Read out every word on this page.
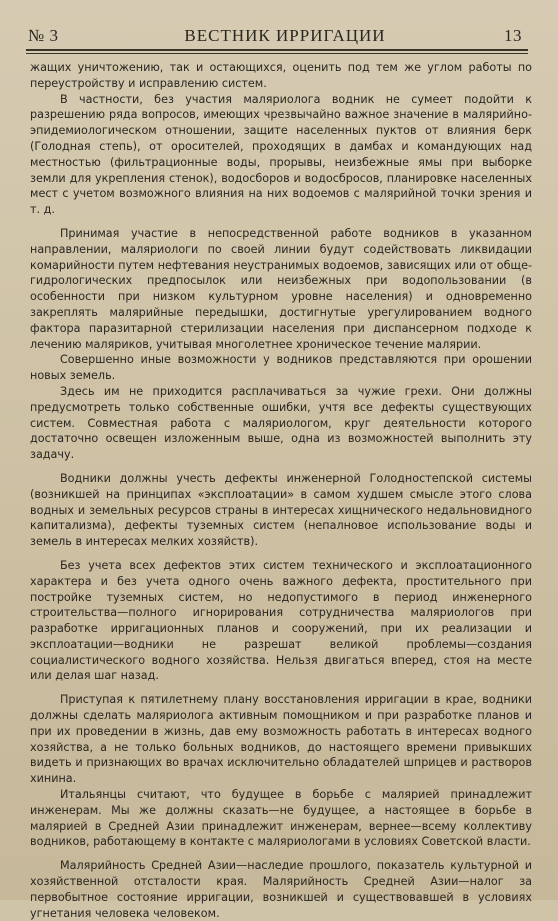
№ 3	ВЕСТНИК ИРРИГАЦИИ	13

жащих уничтожению, так и остающихся, оценить под тем же углом работы по переустройству и исправлению систем.

В частности, без участия маляриолога водник не сумеет подойти к разрешению ряда вопросов, имеющих чрезвычайно важное значение в малярийно-эпидемиологическом отношении, защите населенных пуктов от влияния берк (Голодная степь), от оросителей, проходящих в дамбах и командующих над местностью (фильтрационные воды, прорывы, неизбежные ямы при выборке земли для укрепления стенок), водосборов и водосбросов, планировке населенных мест с учетом возможного влияния на них водоемов с малярийной точки зрения и т. д.

Принимая участие в непосредственной работе водников в указанном направлении, маляриологи по своей линии будут содействовать ликвидации комарийности путем нефтевания неустранимых водоемов, зависящих или от обще-гидрологических предпосылок или неизбежных при водопользовании (в особенности при низком культурном уровне населения) и одновременно закреплять малярийные передышки, достигнутые урегулированием водного фактора паразитарной стерилизации населения при диспансерном подходе к лечению маляриков, учитывая многолетнее хроническое течение малярии.

Совершенно иные возможности у водников представляются при орошении новых земель.

Здесь им не приходится расплачиваться за чужие грехи. Они должны предусмотреть только собственные ошибки, учтя все дефекты существующих систем. Совместная работа с маляриологом, круг деятельности которого достаточно освещен изложенным выше, одна из возможностей выполнить эту задачу.

Водники должны учесть дефекты инженерной Голодностепской системы (возникшей на принципах «эксплоатации» в самом худшем смысле этого слова водных и земельных ресурсов страны в интересах хищнического недальновидного капитализма), дефекты туземных систем (непалновое использование воды и земель в интересах мелких хозяйств).

Без учета всех дефектов этих систем технического и эксплоатационного характера и без учета одного очень важного дефекта, простительного при постройке туземных систем, но недопустимого в период инженерного строительства—полного игнорирования сотрудничества маляриологов при разработке ирригационных планов и сооружений, при их реализации и эксплоатации—водники не разрешат великой проблемы—создания социалистического водного хозяйства. Нельзя двигаться вперед, стоя на месте или делая шаг назад.

Приступая к пятилетнему плану восстановления ирригации в крае, водники должны сделать маляриолога активным помощником и при разработке планов и при их проведении в жизнь, дав ему возможность работать в интересах водного хозяйства, а не только больных водников, до настоящего времени привыкших видеть и признающих во врачах исключительно обладателей шприцев и растворов хинина.

Итальянцы считают, что будущее в борьбе с малярией принадлежит инженерам. Мы же должны сказать—не будущее, а настоящее в борьбе в малярией в Средней Азии принадлежит инженерам, вернее—всему коллективу водников, работающему в контакте с маляриологами в условиях Советской власти.

Малярийность Средней Азии—наследие прошлого, показатель культурной и хозяйственной отсталости края. Малярийность Средней Азии—налог за первобытное состояние ирригации, возникшей и существовавшей в условиях угнетания человека человеком.
